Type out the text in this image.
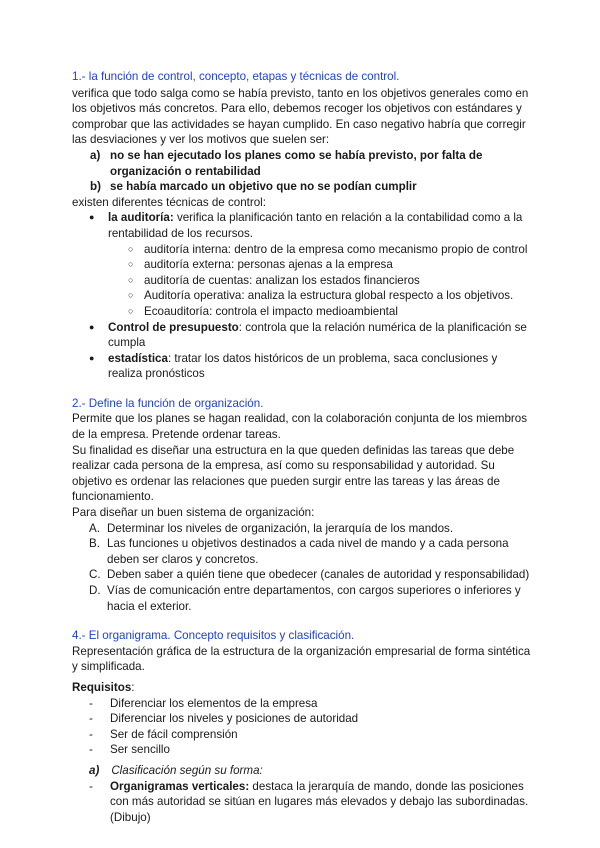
1.- la función de control, concepto, etapas y técnicas de control.

verifica que todo salga como se había previsto, tanto en los objetivos generales como en los objetivos más concretos. Para ello, debemos recoger los objetivos con estándares y comprobar que las actividades se hayan cumplido. En caso negativo habría que corregir las desviaciones y ver los motivos que suelen ser:

a) no se han ejecutado los planes como se había previsto, por falta de organización o rentabilidad
b) se había marcado un objetivo que no se podían cumplir

existen diferentes técnicas de control:

●
la auditoría: verifica la planificación tanto en relación a la contabilidad como a la rentabilidad de los recursos.
○
auditoría interna: dentro de la empresa como mecanismo propio de control
○
auditoría externa: personas ajenas a la empresa
○
auditoría de cuentas: analizan los estados financieros
○
Auditoría operativa: analiza la estructura global respecto a los objetivos.
○
Ecoauditoría: controla el impacto medioambiental
●
Control de presupuesto: controla que la relación numérica de la planificación se cumpla
●
estadística: tratar los datos históricos de un problema, saca conclusiones y realiza pronósticos

2.- Define la función de organización.

Permite que los planes se hagan realidad, con la colaboración conjunta de los miembros de la empresa. Pretende ordenar tareas.

Su finalidad es diseñar una estructura en la que queden definidas las tareas que debe realizar cada persona de la empresa, así como su responsabilidad y autoridad. Su objetivo es ordenar las relaciones que pueden surgir entre las tareas y las áreas de funcionamiento.

Para diseñar un buen sistema de organización:

A. Determinar los niveles de organización, la jerarquía de los mandos.
B. Las funciones u objetivos destinados a cada nivel de mando y a cada persona deben ser claros y concretos.
C. Deben saber a quién tiene que obedecer (canales de autoridad y responsabilidad)
D. Vías de comunicación entre departamentos, con cargos superiores o inferiores y hacia el exterior.

4.- El organigrama. Concepto requisitos y clasificación.

Representación gráfica de la estructura de la organización empresarial de forma sintética y simplificada.

Requisitos:

-	Diferenciar los elementos de la empresa
-	Diferenciar los niveles y posiciones de autoridad
-	Ser de fácil comprensión
-	Ser sencillo

a) Clasificación según su forma:

-	Organigramas verticales: destaca la jerarquía de mando, donde las posiciones con más autoridad se sitúan en lugares más elevados y debajo las subordinadas. (Dibujo)
